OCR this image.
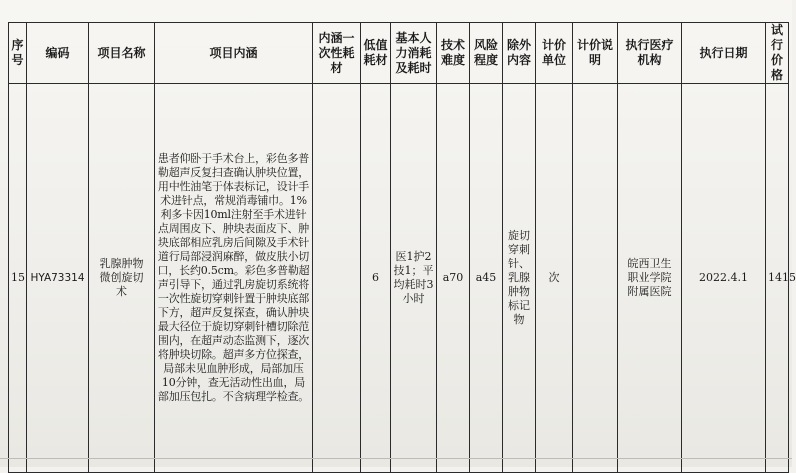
序号	编码	项目名称	项目内涵	内涵一次性耗材	低值耗材	基本人力消耗及耗时	技术难度	风险程度	除外内容	计价单位	计价说明	执行医疗机构	执行日期	试行价格
15	HYA73314	乳腺肿物微创旋切术	患者仰卧于手术台上，彩色多普勒超声反复扫查确认肿块位置，用中性油笔于体表标记，设计手术进针点，常规消毒铺巾。1%利多卡因10ml注射至手术进针点周围皮下、肿块表面皮下、肿块底部相应乳房后间隙及手术针道行局部浸润麻醉，做皮肤小切口，长约0.5cm。彩色多普勒超声引导下，通过乳房旋切系统将一次性旋切穿刺针置于肿块底部下方，超声反复探查，确认肿块最大径位于旋切穿刺针槽切除范围内，在超声动态监测下，逐次将肿块切除。超声多方位探查，局部未见血肿形成，局部加压10分钟，查无活动性出血，局部加压包扎。不含病理学检查。		6	医1护2技1；平均耗时3小时	a70	a45	旋切穿刺针、乳腺肿物标记物	次		皖西卫生职业学院附属医院	2022.4.1	1415
